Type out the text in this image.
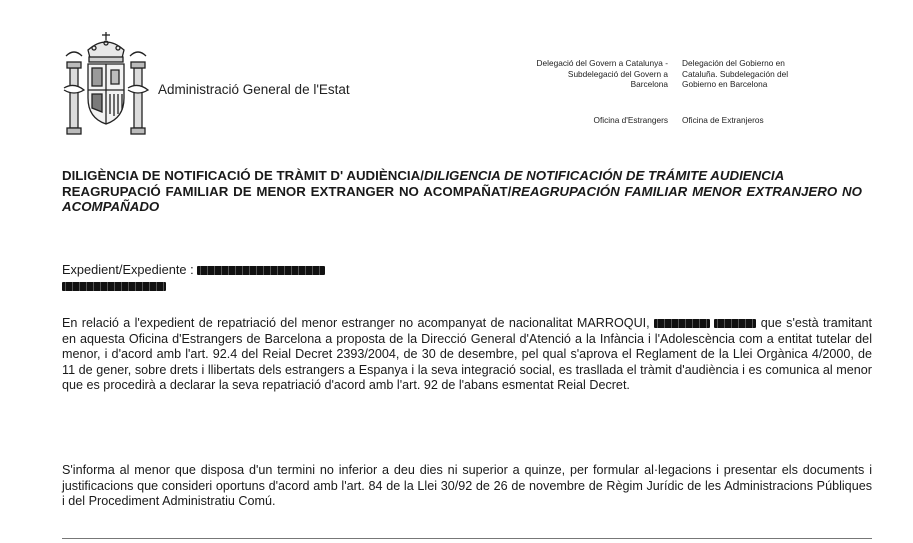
Administració General de l'Estat
Delegació del Govern a Catalunya -
Subdelegació del Govern a
Barcelona
Delegación del Gobierno en
Cataluña. Subdelegación del
Gobierno en Barcelona
Oficina d'Estrangers Oficina de Extranjeros
DILIGÈNCIA DE NOTIFICACIÓ DE TRÀMIT D' AUDIÈNCIA/DILIGENCIA DE NOTIFICACIÓN DE TRÁMITE AUDIENCIA
REAGRUPACIÓ FAMILIAR DE MENOR EXTRANGER NO ACOMPAÑAT/REAGRUPACIÓN FAMILIAR MENOR EXTRANJERO NO ACOMPAÑADO
Expedient/Expediente :
En relació a l'expedient de repatriació del menor estranger no acompanyat de nacionalitat MARROQUI,	que s'està tramitant en aquesta Oficina d'Estrangers de Barcelona a proposta de la Direcció General d'Atenció a la Infància i l'Adolescència com a entitat tutelar del menor, i d'acord amb l'art. 92.4 del Reial Decret 2393/2004, de 30 de desembre, pel qual s'aprova el Reglament de la Llei Orgànica 4/2000, de 11 de gener, sobre drets i llibertats dels estrangers a Espanya i la seva integració social, es trasllada el tràmit d'audiència i es comunica al menor que es procedirà a declarar la seva repatriació d'acord amb l'art. 92 de l'abans esmentat Reial Decret.
S'informa al menor que disposa d'un termini no inferior a deu dies ni superior a quinze, per formular al·legacions i presentar els documents i justificacions que consideri oportuns d'acord amb l'art. 84 de la Llei 30/92 de 26 de novembre de Règim Jurídic de les Administracions Públiques i del Procediment Administratiu Comú.
